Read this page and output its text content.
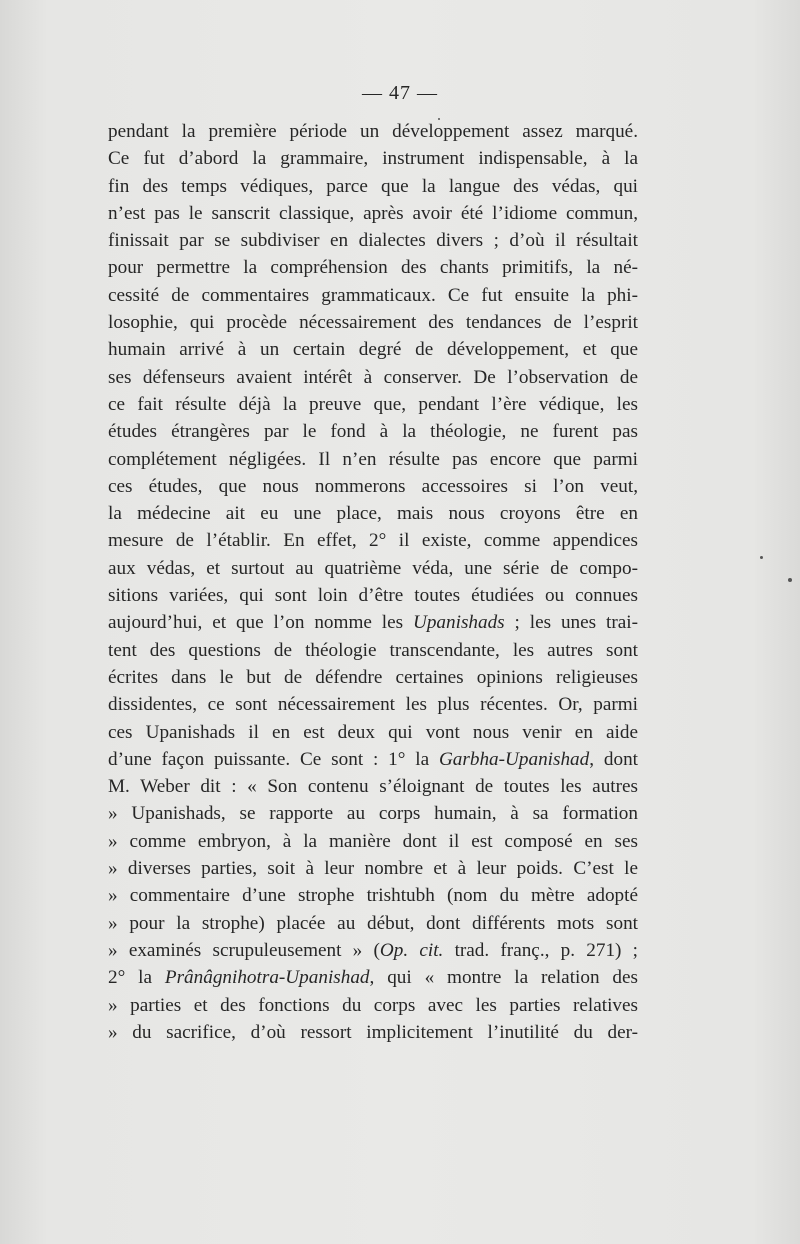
— 47 —
pendant la première période un développement assez marqué.
Ce fut d’abord la grammaire, instrument indispensable, à la
fin des temps védiques, parce que la langue des védas, qui
n’est pas le sanscrit classique, après avoir été l’idiome commun,
finissait par se subdiviser en dialectes divers ; d’où il résultait
pour permettre la compréhension des chants primitifs, la né-
cessité de commentaires grammaticaux. Ce fut ensuite la phi-
losophie, qui procède nécessairement des tendances de l’esprit
humain arrivé à un certain degré de développement, et que
ses défenseurs avaient intérêt à conserver. De l’observation de
ce fait résulte déjà la preuve que, pendant l’ère védique, les
études étrangères par le fond à la théologie, ne furent pas
complétement négligées. Il n’en résulte pas encore que parmi
ces études, que nous nommerons accessoires si l’on veut,
la médecine ait eu une place, mais nous croyons être en
mesure de l’établir. En effet, 2° il existe, comme appendices
aux védas, et surtout au quatrième véda, une série de compo-
sitions variées, qui sont loin d’être toutes étudiées ou connues
aujourd’hui, et que l’on nomme les Upanishads ; les unes trai-
tent des questions de théologie transcendante, les autres sont
écrites dans le but de défendre certaines opinions religieuses
dissidentes, ce sont nécessairement les plus récentes. Or, parmi
ces Upanishads il en est deux qui vont nous venir en aide
d’une façon puissante. Ce sont : 1° la Garbha-Upanishad, dont
M. Weber dit : « Son contenu s’éloignant de toutes les autres
» Upanishads, se rapporte au corps humain, à sa formation
» comme embryon, à la manière dont il est composé en ses
» diverses parties, soit à leur nombre et à leur poids. C’est le
» commentaire d’une strophe trishtubh (nom du mètre adopté
» pour la strophe) placée au début, dont différents mots sont
» examinés scrupuleusement » (Op. cit. trad. franç., p. 271) ;
2° la Prânâgnihotra-Upanishad, qui « montre la relation des
» parties et des fonctions du corps avec les parties relatives
» du sacrifice, d’où ressort implicitement l’inutilité du der-
